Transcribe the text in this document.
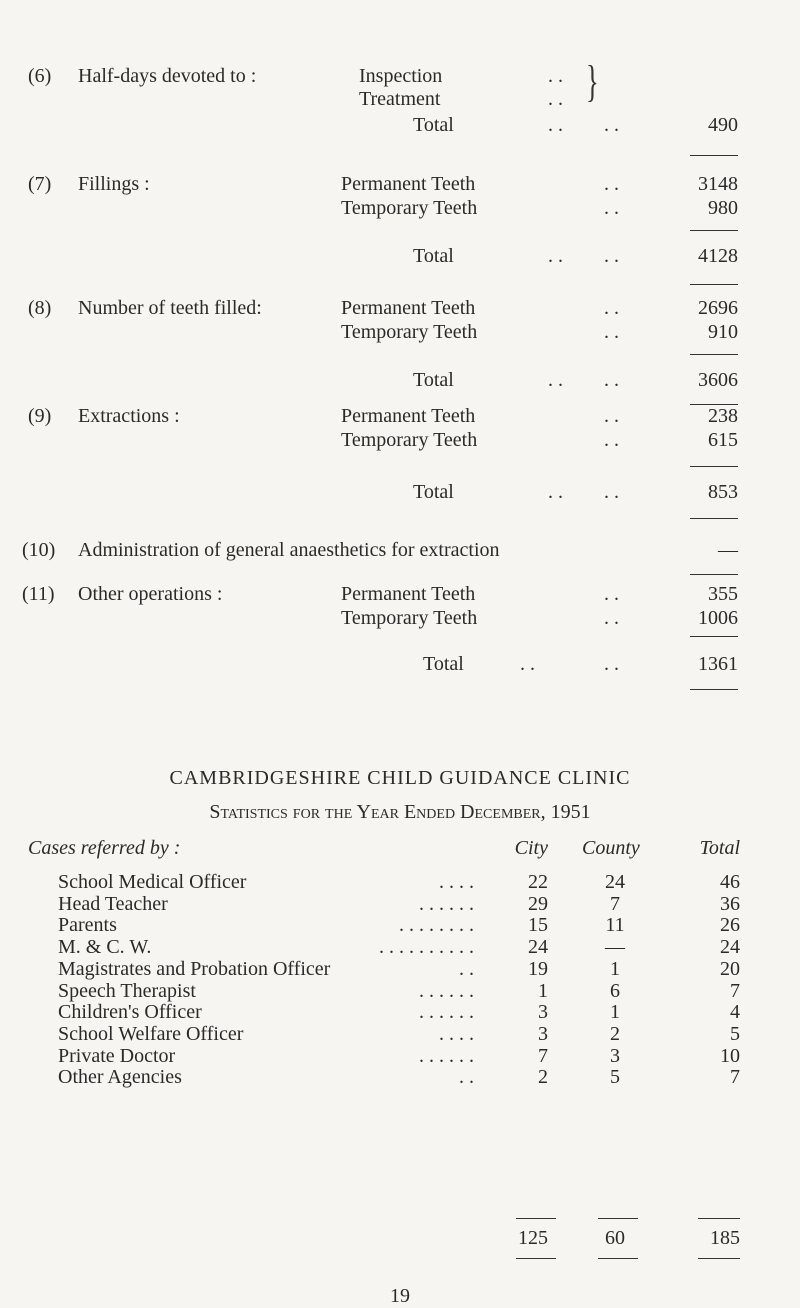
(6) Half-days devoted to :	Inspection	. .
Treatment	. . }
Total	. . . .	490
(7) Fillings :	Permanent Teeth	. .	3148
Temporary Teeth	. .	980
Total	. . . .	4128
(8) Number of teeth filled:	Permanent Teeth	. .	2696
Temporary Teeth	. .	910
Total	. . . .	3606
(9) Extractions :	Permanent Teeth	. .	238
Temporary Teeth	. .	615
Total	. . . .	853
(10) Administration of general anaesthetics for extraction	—
(11) Other operations :	Permanent Teeth	. .	355
Temporary Teeth	. .	1006
Total	. .	. .	1361
CAMBRIDGESHIRE CHILD GUIDANCE CLINIC
Statistics for the Year Ended December, 1951
Cases referred by :	City County	Total
School Medical Officer	. . . .	22	24	46
Head Teacher	. . . . . .	29	7	36
Parents	. . . . . . . .	15	11	26
M. & C. W.	. . . . . . . . . .	24	—	24
Magistrates and Probation Officer	. .	19	1	20
Speech Therapist	. . . . . .	1	6	7
Children's Officer	. . . . . .	3	1	4
School Welfare Officer	. . . .	3	2	5
Private Doctor	. . . . . .	7	3	10
Other Agencies	. .	2	5	7
125	60	185
19
